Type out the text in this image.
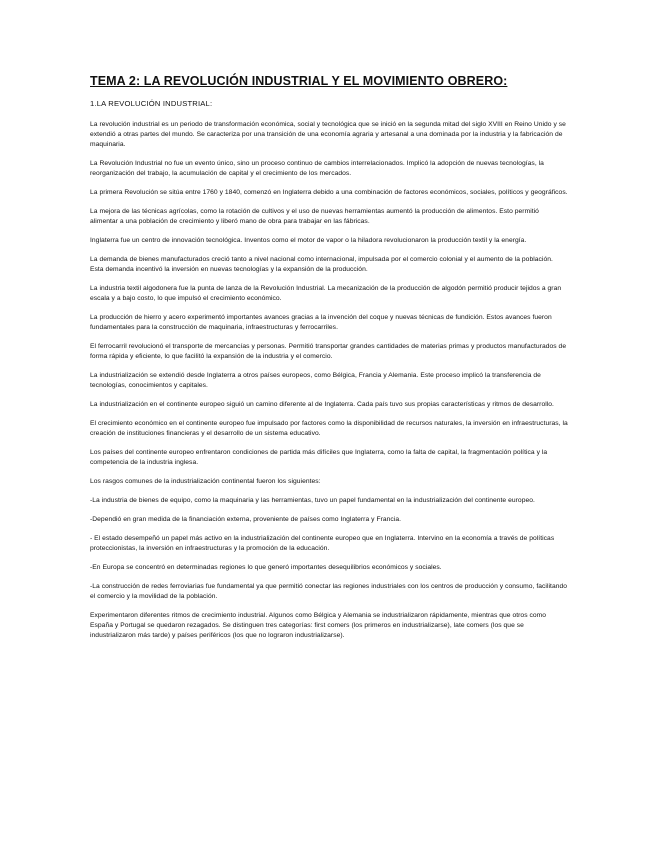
TEMA 2: LA REVOLUCIÓN INDUSTRIAL Y EL MOVIMIENTO OBRERO:
1.LA REVOLUCIÓN INDUSTRIAL:

La revolución industrial es un periodo de transformación económica, social y tecnológica que se inició en la segunda mitad del siglo XVIII en Reino Unido y se extendió a otras partes del mundo. Se caracteriza por una transición de una economía agraria y artesanal a una dominada por la industria y la fabricación de maquinaria.

La Revolución Industrial no fue un evento único, sino un proceso continuo de cambios interrelacionados. Implicó la adopción de nuevas tecnologías, la reorganización del trabajo, la acumulación de capital y el crecimiento de los mercados.

La primera Revolución se sitúa entre 1760 y 1840, comenzó en Inglaterra debido a una combinación de factores económicos, sociales, políticos y geográficos.

La mejora de las técnicas agrícolas, como la rotación de cultivos y el uso de nuevas herramientas aumentó la producción de alimentos. Esto permitió alimentar a una población de crecimiento y liberó mano de obra para trabajar en las fábricas.

Inglaterra fue un centro de innovación tecnológica. Inventos como el motor de vapor o la hiladora revolucionaron la producción textil y la energía.

La demanda de bienes manufacturados creció tanto a nivel nacional como internacional, impulsada por el comercio colonial y el aumento de la población. Esta demanda incentivó la inversión en nuevas tecnologías y la expansión de la producción.

La industria textil algodonera fue la punta de lanza de la Revolución Industrial. La mecanización de la producción de algodón permitió producir tejidos a gran escala y a bajo costo, lo que impulsó el crecimiento económico.

La producción de hierro y acero experimentó importantes avances gracias a la invención del coque y nuevas técnicas de fundición. Estos avances fueron fundamentales para la construcción de maquinaria, infraestructuras y ferrocarriles.

El ferrocarril revolucionó el transporte de mercancías y personas. Permitió transportar grandes cantidades de materias primas y productos manufacturados de forma rápida y eficiente, lo que facilitó la expansión de la industria y el comercio.

La industrialización se extendió desde Inglaterra a otros países europeos, como Bélgica, Francia y Alemania. Este proceso implicó la transferencia de tecnologías, conocimientos y capitales.

La industrialización en el continente europeo siguió un camino diferente al de Inglaterra. Cada país tuvo sus propias características y ritmos de desarrollo.

El crecimiento económico en el continente europeo fue impulsado por factores como la disponibilidad de recursos naturales, la inversión en infraestructuras, la creación de instituciones financieras y el desarrollo de un sistema educativo.

Los países del continente europeo enfrentaron condiciones de partida más difíciles que Inglaterra, como la falta de capital, la fragmentación política y la competencia de la industria inglesa.

Los rasgos comunes de la industrialización continental fueron los siguientes:

-La industria de bienes de equipo, como la maquinaria y las herramientas, tuvo un papel fundamental en la industrialización del continente europeo.

-Dependió en gran medida de la financiación externa, proveniente de países como Inglaterra y Francia.

- El estado desempeñó un papel más activo en la industrialización del continente europeo que en Inglaterra. Intervino en la economía a través de políticas proteccionistas, la inversión en infraestructuras y la promoción de la educación.

-En Europa se concentró en determinadas regiones lo que generó importantes desequilibrios económicos y sociales.

-La construcción de redes ferroviarias fue fundamental ya que permitió conectar las regiones industriales con los centros de producción y consumo, facilitando el comercio y la movilidad de la población.

Experimentaron diferentes ritmos de crecimiento industrial. Algunos como Bélgica y Alemania se industrializaron rápidamente, mientras que otros como España y Portugal se quedaron rezagados. Se distinguen tres categorías: first comers (los primeros en industrializarse), late comers (los que se industrializaron más tarde) y países periféricos (los que no lograron industrializarse).
